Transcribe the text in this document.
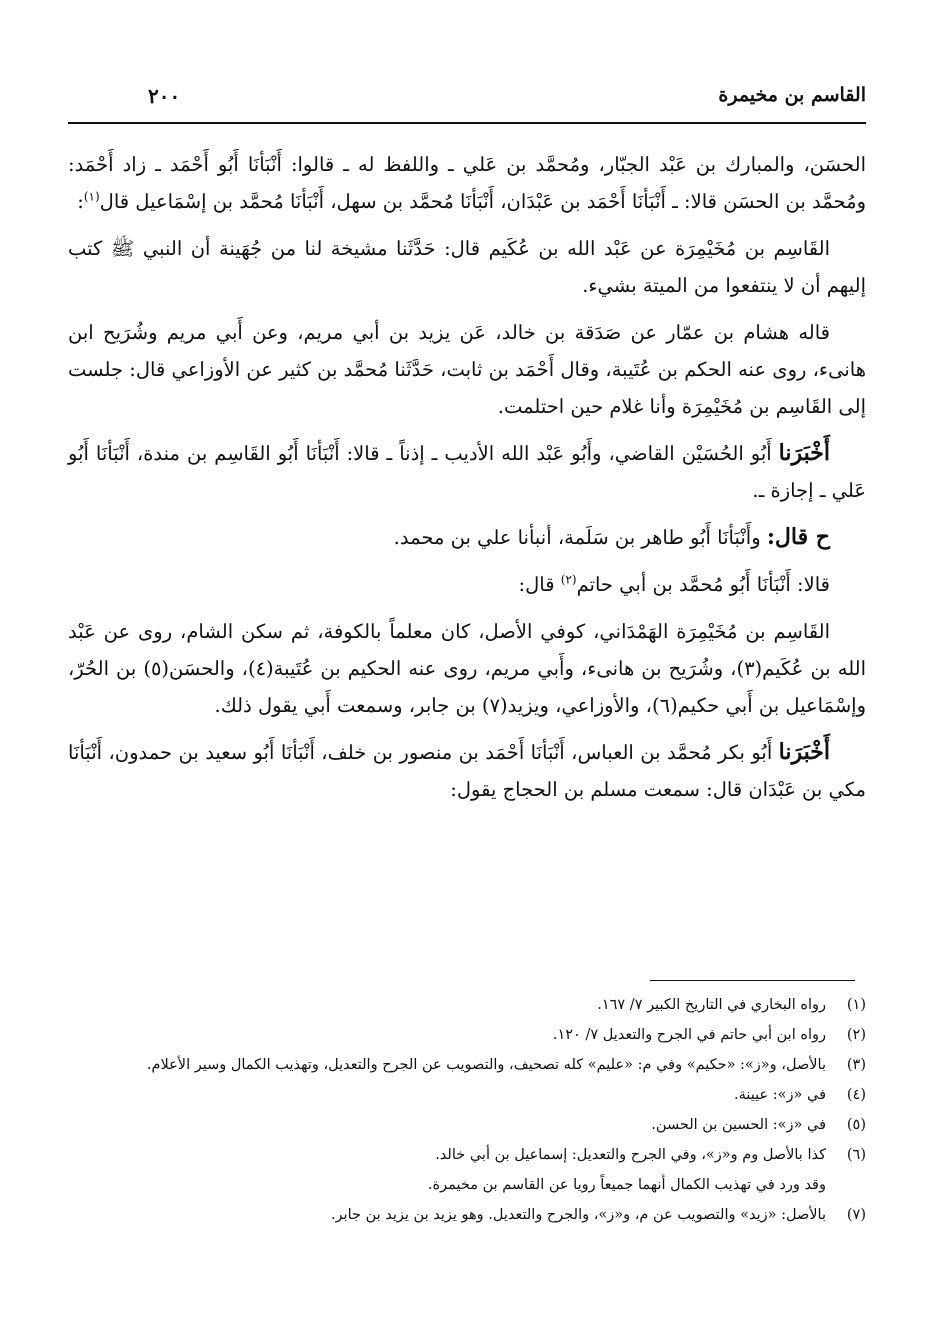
٢٠٠	القاسم بن مخيمرة

الحسَن، والمبارك بن عَبْد الجبّار، ومُحمَّد بن عَلي ـ واللفظ له ـ قالوا: أَنْبَأنَا أَبُو أَحْمَد ـ زاد أَحْمَد: ومُحمَّد بن الحسَن قالا: ـ أَنْبَأنَا أَحْمَد بن عَبْدَان، أَنْبَأنَا مُحمَّد بن سهل، أَنْبَأنَا مُحمَّد بن إسْمَاعيل قال$^{(١)}$:

القَاسِم بن مُخَيْمِرَة عن عَبْد الله بن عُكَيم قال: حَدَّثَنا مشيخة لنا من جُهَينة أن النبي ﷺ كتب إليهم أن لا ينتفعوا من الميتة بشيء.

قاله هشام بن عمّار عن صَدَقة بن خالد، عَن يزيد بن أبي مريم، وعن أَبي مريم وشُرَيح ابن هانىء، روى عنه الحكم بن عُتَيبة، وقال أَحْمَد بن ثابت، حَدَّثَنا مُحمَّد بن كثير عن الأوزاعي قال: جلست إلى القَاسِم بن مُخَيْمِرَة وأنا غلام حين احتلمت.

أَخْبَرَنا أَبُو الحُسَيْن القاضي، وأَبُو عَبْد الله الأديب ـ إذناً ـ قالا: أَنْبَأنَا أَبُو القَاسِم بن مندة، أَنْبَأنَا أَبُو عَلي ـ إجازة ـ.

ح قال: وأَنْبَأنَا أَبُو طاهر بن سَلَمة، أنبأنا علي بن محمد.

قالا: أَنْبَأنَا أَبُو مُحمَّد بن أبي حاتم$^{(٢)}$ قال:

القَاسِم بن مُخَيْمِرَة الهَمْدَاني، كوفي الأصل، كان معلماً بالكوفة، ثم سكن الشام، روى عن عَبْد الله بن عُكَيم(٣)، وشُرَيح بن هانىء، وأَبي مريم، روى عنه الحكيم بن عُتَيبة(٤)، والحسَن(٥) بن الحُرّ، وإسْمَاعيل بن أَبي حكيم(٦)، والأوزاعي، ويزيد(٧) بن جابر، وسمعت أَبي يقول ذلك.

أَخْبَرَنا أَبُو بكر مُحمَّد بن العباس، أَنْبَأنَا أَحْمَد بن منصور بن خلف، أَنْبَأنَا أَبُو سعيد بن حمدون، أَنْبَأنَا مكي بن عَبْدَان قال: سمعت مسلم بن الحجاج يقول:

(١)
رواه البخاري في التاريخ الكبير ٧/ ١٦٧.
(٢)
رواه ابن أبي حاتم في الجرح والتعديل ٧/ ١٢٠.
(٣)
بالأصل، و«ز»: «حكيم» وفي م: «عليم» كله تصحيف، والتصويب عن الجرح والتعديل، وتهذيب الكمال وسير الأعلام.
(٤)
في «ز»: عيينة.
(٥)
في «ز»: الحسين بن الحسن.
(٦)
كذا بالأصل وم و«ز»، وفي الجرح والتعديل: إسماعيل بن أبي خالد.
وقد ورد في تهذيب الكمال أنهما جميعاً رويا عن القاسم بن مخيمرة.
(٧)
بالأصل: «زيد» والتصويب عن م، و«ز»، والجرح والتعديل. وهو يزيد بن يزيد بن جابر.
